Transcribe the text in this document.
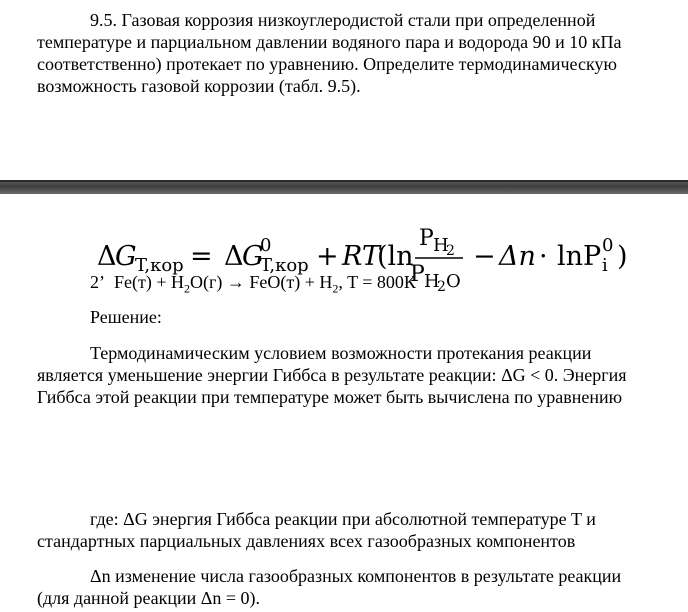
9.5. Газовая коррозия низкоуглеродистой стали при определенной
температуре и парциальном давлении водяного пара и водорода 90 и 10 кПа
соответственно) протекает по уравнению. Определите термодинамическую
возможность газовой коррозии (табл. 9.5).
2’ $Fe(т) + H_2O(г) \to FeO(т) + H_2$, T = 800К
Решение:
Термодинамическим условием возможности протекания реакции
является уменьшение энергии Гиббса в результате реакции: ΔG < 0. Энергия
Гиббса этой реакции при температуре может быть вычислена по уравнению
Δ
G
T,кор = Δ
G
0
T,кор + RT
(ln
P H
2
P H
2 O
− Δn · lnP 0
i )
где: ΔG энергия Гиббса реакции при абсолютной температуре T и
стандартных парциальных давлениях всех газообразных компонентов
Δn изменение числа газообразных компонентов в результате реакции
(для данной реакции Δn = 0).
